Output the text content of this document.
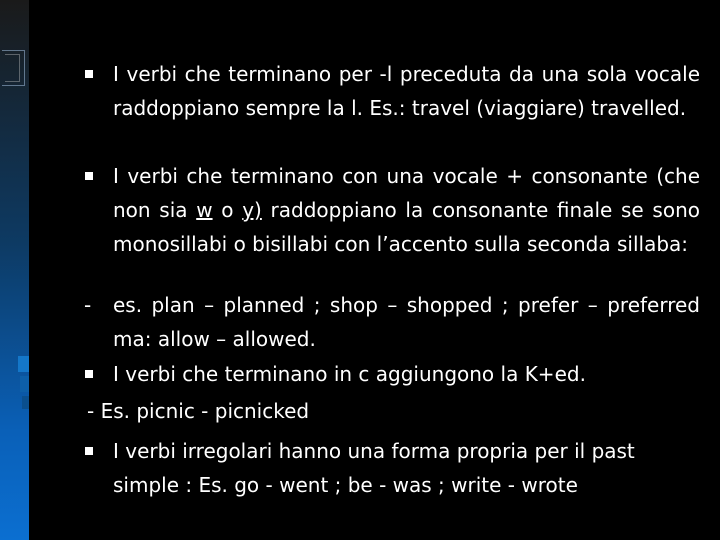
I verbi che terminano per -l preceduta da una sola vocale raddoppiano sempre la l. Es.: travel (viaggiare) travelled.
I verbi che terminano con una vocale + consonante (che non sia w o y) raddoppiano la consonante finale se sono monosillabi o bisillabi con l’accento sulla seconda sillaba:
- es. plan – planned ; shop – shopped ; prefer – preferred ma: allow – allowed.
I verbi che terminano in c aggiungono la K+ed.
- Es. picnic - picnicked
I verbi irregolari hanno una forma propria per il past simple : Es. go - went ; be - was ; write - wrote
